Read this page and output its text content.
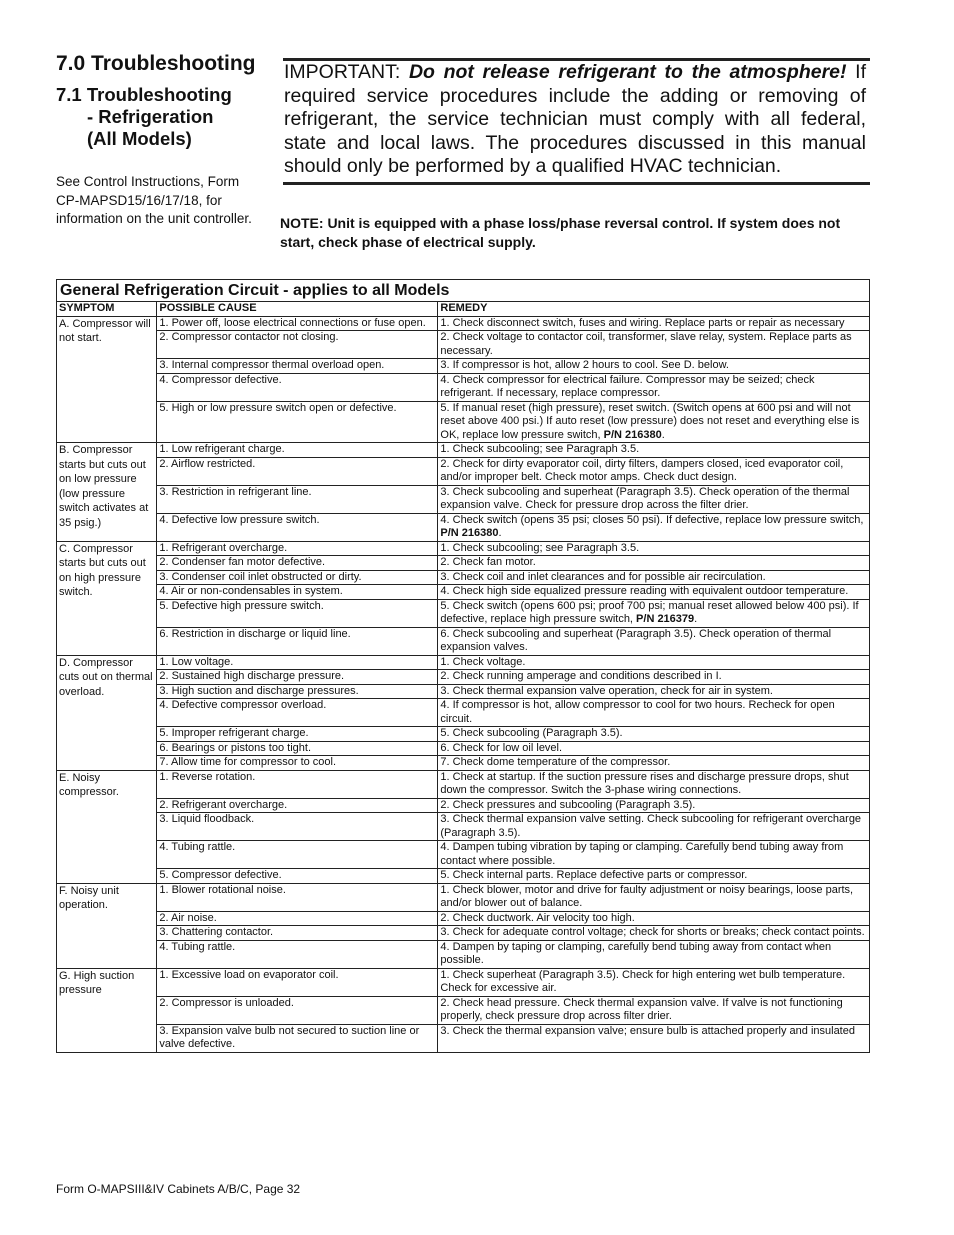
7.0 Troubleshooting
7.1 Troubleshooting
- Refrigeration
(All Models)
See Control Instructions, Form CP-MAPSD15/16/17/18, for information on the unit controller.
IMPORTANT: Do not release refrigerant to the atmosphere! If required service procedures include the adding or removing of refrigerant, the service technician must comply with all federal, state and local laws. The procedures discussed in this manual should only be performed by a qualified HVAC technician.
NOTE: Unit is equipped with a phase loss/phase reversal control. If system does not start, check phase of electrical supply.
General Refrigeration Circuit - applies to all Models		
SYMPTOM	POSSIBLE CAUSE	REMEDY
A. Compressor will not start.	1. Power off, loose electrical connections or fuse open.	1. Check disconnect switch, fuses and wiring. Replace parts or repair as necessary
	2. Compressor contactor not closing.	2. Check voltage to contactor coil, transformer, slave relay, system. Replace parts as necessary.
	3. Internal compressor thermal overload open.	3. If compressor is hot, allow 2 hours to cool. See D. below.
	4. Compressor defective.	4. Check compressor for electrical failure. Compressor may be seized; check refrigerant. If necessary, replace compressor.
	5. High or low pressure switch open or defective.	5. If manual reset (high pressure), reset switch. (Switch opens at 600 psi and will not reset above 400 psi.) If auto reset (low pressure) does not reset and everything else is OK, replace low pressure switch, P/N 216380.
B. Compressor starts but cuts out on low pressure (low pressure switch activates at 35 psig.)	1. Low refrigerant charge.	1. Check subcooling; see Paragraph 3.5.
	2. Airflow restricted.	2. Check for dirty evaporator coil, dirty filters, dampers closed, iced evaporator coil, and/or improper belt. Check motor amps. Check duct design.
	3. Restriction in refrigerant line.	3. Check subcooling and superheat (Paragraph 3.5). Check operation of the thermal expansion valve. Check for pressure drop across the filter drier.
	4. Defective low pressure switch.	4. Check switch (opens 35 psi; closes 50 psi). If defective, replace low pressure switch, P/N 216380.
C. Compressor starts but cuts out on high pressure switch.	1. Refrigerant overcharge.	1. Check subcooling; see Paragraph 3.5.
	2. Condenser fan motor defective.	2. Check fan motor.
	3. Condenser coil inlet obstructed or dirty.	3. Check coil and inlet clearances and for possible air recirculation.
	4. Air or non-condensables in system.	4. Check high side equalized pressure reading with equivalent outdoor temperature.
	5. Defective high pressure switch.	5. Check switch (opens 600 psi; proof 700 psi; manual reset allowed below 400 psi). If defective, replace high pressure switch, P/N 216379.
	6. Restriction in discharge or liquid line.	6. Check subcooling and superheat (Paragraph 3.5). Check operation of thermal expansion valves.
D. Compressor cuts out on thermal overload.	1. Low voltage.	1. Check voltage.
	2. Sustained high discharge pressure.	2. Check running amperage and conditions described in I.
	3. High suction and discharge pressures.	3. Check thermal expansion valve operation, check for air in system.
	4. Defective compressor overload.	4. If compressor is hot, allow compressor to cool for two hours. Recheck for open circuit.
	5. Improper refrigerant charge.	5. Check subcooling (Paragraph 3.5).
	6. Bearings or pistons too tight.	6. Check for low oil level.
	7. Allow time for compressor to cool.	7. Check dome temperature of the compressor.
E. Noisy compressor.	1. Reverse rotation.	1. Check at startup. If the suction pressure rises and discharge pressure drops, shut down the compressor. Switch the 3-phase wiring connections.
	2. Refrigerant overcharge.	2. Check pressures and subcooling (Paragraph 3.5).
	3. Liquid floodback.	3. Check thermal expansion valve setting. Check subcooling for refrigerant overcharge (Paragraph 3.5).
	4. Tubing rattle.	4. Dampen tubing vibration by taping or clamping. Carefully bend tubing away from contact where possible.
	5. Compressor defective.	5. Check internal parts. Replace defective parts or compressor.
F. Noisy unit operation.	1. Blower rotational noise.	1. Check blower, motor and drive for faulty adjustment or noisy bearings, loose parts, and/or blower out of balance.
	2. Air noise.	2. Check ductwork. Air velocity too high.
	3. Chattering contactor.	3. Check for adequate control voltage; check for shorts or breaks; check contact points.
	4. Tubing rattle.	4. Dampen by taping or clamping, carefully bend tubing away from contact when possible.
G. High suction pressure	1. Excessive load on evaporator coil.	1. Check superheat (Paragraph 3.5). Check for high entering wet bulb temperature. Check for excessive air.
	2. Compressor is unloaded.	2. Check head pressure. Check thermal expansion valve. If valve is not functioning properly, check pressure drop across filter drier.
	3. Expansion valve bulb not secured to suction line or valve defective.	3. Check the thermal expansion valve; ensure bulb is attached properly and insulated
Form O-MAPSIII&IV Cabinets A/B/C, Page 32
